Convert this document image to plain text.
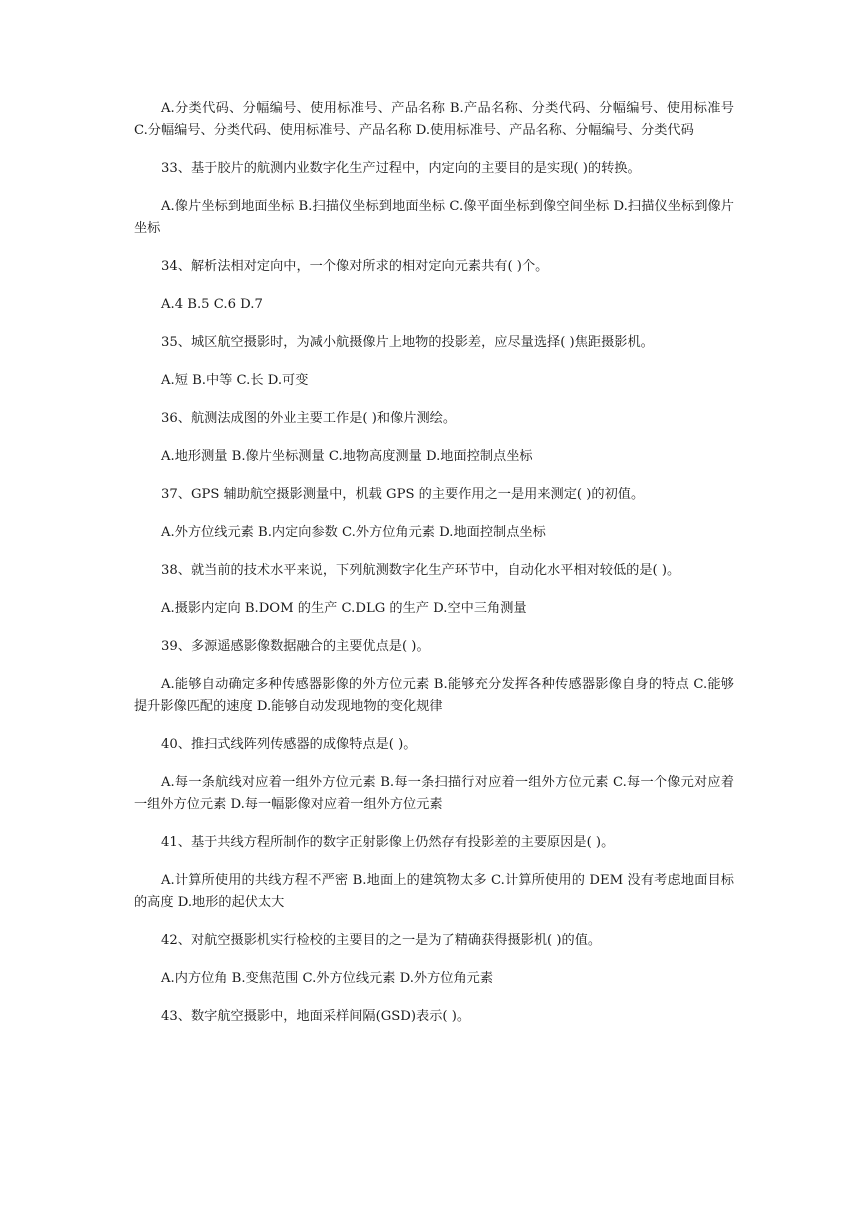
A.分类代码、分幅编号、使用标准号、产品名称 B.产品名称、分类代码、分幅编号、使用标准号 C.分幅编号、分类代码、使用标准号、产品名称 D.使用标准号、产品名称、分幅编号、分类代码

33、基于胶片的航测内业数字化生产过程中，内定向的主要目的是实现( )的转换。

A.像片坐标到地面坐标 B.扫描仪坐标到地面坐标 C.像平面坐标到像空间坐标 D.扫描仪坐标到像片坐标

34、解析法相对定向中，一个像对所求的相对定向元素共有( )个。

A.4 B.5 C.6 D.7

35、城区航空摄影时，为减小航摄像片上地物的投影差，应尽量选择( )焦距摄影机。

A.短 B.中等 C.长 D.可变

36、航测法成图的外业主要工作是( )和像片测绘。

A.地形测量 B.像片坐标测量 C.地物高度测量 D.地面控制点坐标

37、GPS 辅助航空摄影测量中，机载 GPS 的主要作用之一是用来测定( )的初值。

A.外方位线元素 B.内定向参数 C.外方位角元素 D.地面控制点坐标

38、就当前的技术水平来说，下列航测数字化生产环节中，自动化水平相对较低的是( )。

A.摄影内定向 B.DOM 的生产 C.DLG 的生产 D.空中三角测量

39、多源遥感影像数据融合的主要优点是( )。

A.能够自动确定多种传感器影像的外方位元素 B.能够充分发挥各种传感器影像自身的特点 C.能够提升影像匹配的速度 D.能够自动发现地物的变化规律

40、推扫式线阵列传感器的成像特点是( )。

A.每一条航线对应着一组外方位元素 B.每一条扫描行对应着一组外方位元素 C.每一个像元对应着一组外方位元素 D.每一幅影像对应着一组外方位元素

41、基于共线方程所制作的数字正射影像上仍然存有投影差的主要原因是( )。

A.计算所使用的共线方程不严密 B.地面上的建筑物太多 C.计算所使用的 DEM 没有考虑地面目标的高度 D.地形的起伏太大

42、对航空摄影机实行检校的主要目的之一是为了精确获得摄影机( )的值。

A.内方位角 B.变焦范围 C.外方位线元素 D.外方位角元素

43、数字航空摄影中，地面采样间隔(GSD)表示( )。
